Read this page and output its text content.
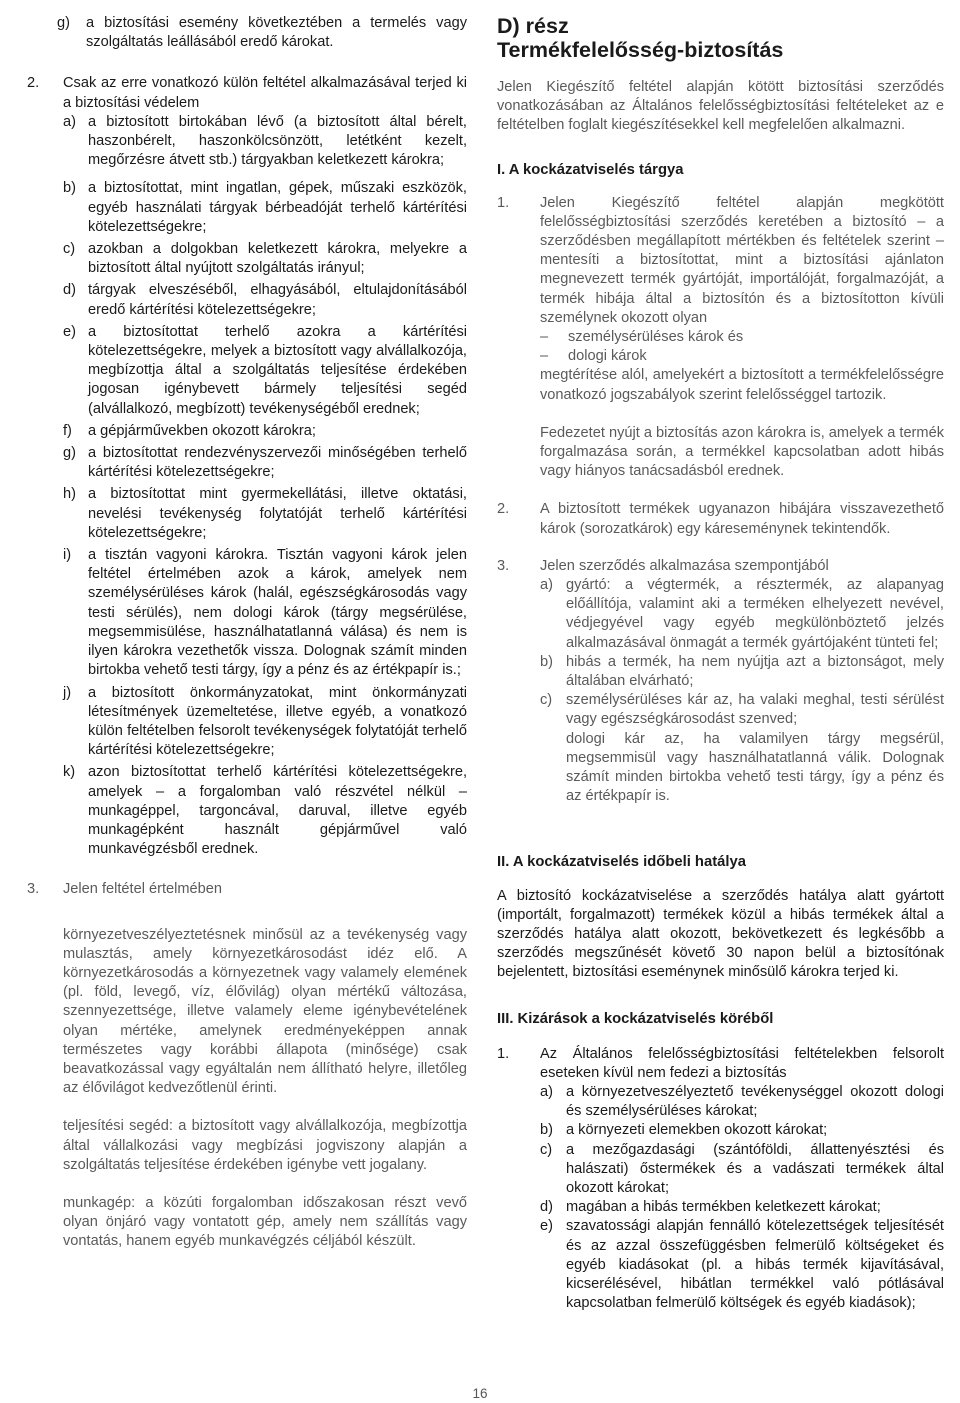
g)	a biztosítási esemény következtében a termelés vagy szolgáltatás leállásából eredő károkat.
2.	Csak az erre vonatkozó külön feltétel alkalmazásával terjed ki a biztosítási védelem
a) a biztosított birtokában lévő (a biztosított által bérelt, haszonbérelt, haszonkölcsönzött, letétként kezelt, megőrzésre átvett stb.) tárgyakban keletkezett károkra;
b) a biztosítottat, mint ingatlan, gépek, műszaki eszközök, egyéb használati tárgyak bérbeadóját terhelő kártérítési kötelezettségekre;
c) azokban a dolgokban keletkezett károkra, melyekre a biztosított által nyújtott szolgáltatás irányul;
d) tárgyak elveszéséből, elhagyásából, eltulajdonításából eredő kártérítési kötelezettségekre;
e) a biztosítottat terhelő azokra a kártérítési kötelezettségekre, melyek a biztosított vagy alvállalkozója, megbízottja által a szolgáltatás teljesítése érdekében jogosan igénybevett bármely teljesítési segéd (alvállalkozó, megbízott) tevékenységéből erednek;
f)	a gépjárművekben okozott károkra;
g) a biztosítottat rendezvényszervezői minőségében terhelő kártérítési kötelezettségekre;
h) a biztosítottat mint gyermekellátási, illetve oktatási, nevelési tevékenység folytatóját terhelő kártérítési kötelezettségekre;
i)	a tisztán vagyoni károkra. Tisztán vagyoni károk jelen feltétel értelmében azok a károk, amelyek nem személysérüléses károk (halál, egészségkárosodás vagy testi sérülés), nem dologi károk (tárgy megsérülése, megsemmisülése, használhatatlanná válása) és nem is ilyen károkra vezethetők vissza. Dolognak számít minden birtokba vehető testi tárgy, így a pénz és az értékpapír is.;
j)	a biztosított önkormányzatokat, mint önkormányzati létesítmények üzemeltetése, illetve egyéb, a vonatkozó külön feltételben felsorolt tevékenységek folytatóját terhelő kártérítési kötelezettségekre;
k) azon biztosítottat terhelő kártérítési kötelezettségekre, amelyek – a forgalomban való részvétel nélkül – munkagéppel, targoncával, daruval, illetve egyéb munkagépként használt gépjárművel való munkavégzésből erednek.
3.	Jelen feltétel értelmében
környezetveszélyeztetésnek minősül az a tevékenység vagy mulasztás, amely környezetkárosodást idéz elő. A környezetkárosodás a környezetnek vagy valamely elemének (pl. föld, levegő, víz, élővilág) olyan mértékű változása, szennyezettsége, illetve valamely eleme igénybevételének olyan mértéke, amelynek eredményeképpen annak természetes vagy korábbi állapota (minősége) csak beavatkozással vagy egyáltalán nem állítható helyre, illetőleg az élővilágot kedvezőtlenül érinti.
teljesítési segéd: a biztosított vagy alvállalkozója, megbízottja által vállalkozási vagy megbízási jogviszony alapján a szolgáltatás teljesítése érdekében igénybe vett jogalany.
munkagép: a közúti forgalomban időszakosan részt vevő olyan önjáró vagy vontatott gép, amely nem szállítás vagy vontatás, hanem egyéb munkavégzés céljából készült.
D) rész
Termékfelelősség-biztosítás
Jelen Kiegészítő feltétel alapján kötött biztosítási szerződés vonatkozásában az Általános felelősségbiztosítási feltételeket az e feltételben foglalt kiegészítésekkel kell megfelelően alkalmazni.
I. A kockázatviselés tárgya
1.	Jelen Kiegészítő feltétel alapján megkötött felelősségbiztosítási szerződés keretében a biztosító – a szerződésben megállapított mértékben és feltételek szerint – mentesíti a biztosítottat, mint a biztosítási ajánlaton megnevezett termék gyártóját, importálóját, forgalmazóját, a termék hibája által a biztosítón és a biztosítotton kívüli személynek okozott olyan
–	személysérüléses károk és
–	dologi károk
megtérítése alól, amelyekért a biztosított a termékfelelősségre vonatkozó jogszabályok szerint felelősséggel tartozik.
Fedezetet nyújt a biztosítás azon károkra is, amelyek a termék forgalmazása során, a termékkel kapcsolatban adott hibás vagy hiányos tanácsadásból erednek.
2.	A biztosított termékek ugyanazon hibájára visszavezethető károk (sorozatkárok) egy káreseménynek tekintendők.
3.	Jelen szerződés alkalmazása szempontjából
a) gyártó: a végtermék, a résztermék, az alapanyag előállítója, valamint aki a terméken elhelyezett nevével, védjegyével vagy egyéb megkülönböztető jelzés alkalmazásával önmagát a termék gyártójaként tünteti fel;
b) hibás a termék, ha nem nyújtja azt a biztonságot, mely általában elvárható;
c) személysérüléses kár az, ha valaki meghal, testi sérülést vagy egészségkárosodást szenved;
dologi kár az, ha valamilyen tárgy megsérül, megsemmisül vagy használhatatlanná válik. Dolognak számít minden birtokba vehető testi tárgy, így a pénz és az értékpapír is.
II. A kockázatviselés időbeli hatálya
A biztosító kockázatviselése a szerződés hatálya alatt gyártott (importált, forgalmazott) termékek közül a hibás termékek által a szerződés hatálya alatt okozott, bekövetkezett és legkésőbb a szerződés megszűnését követő 30 napon belül a biztosítónak bejelentett, biztosítási eseménynek minősülő károkra terjed ki.
III. Kizárások a kockázatviselés köréből
1.	Az Általános felelősségbiztosítási feltételekben felsorolt eseteken kívül nem fedezi a biztosítás
a) a környezetveszélyeztető tevékenységgel okozott dologi és személysérüléses károkat;
b) a környezeti elemekben okozott károkat;
c) a mezőgazdasági (szántóföldi, állattenyésztési és halászati) őstermékek és a vadászati termékek által okozott károkat;
d) magában a hibás termékben keletkezett károkat;
e) szavatossági alapján fennálló kötelezettségek teljesítését és az azzal összefüggésben felmerülő költségeket és egyéb kiadásokat (pl. a hibás termék kijavításával, kicserélésével, hibátlan termékkel való pótlásával kapcsolatban felmerülő költségek és egyéb kiadások);
16
